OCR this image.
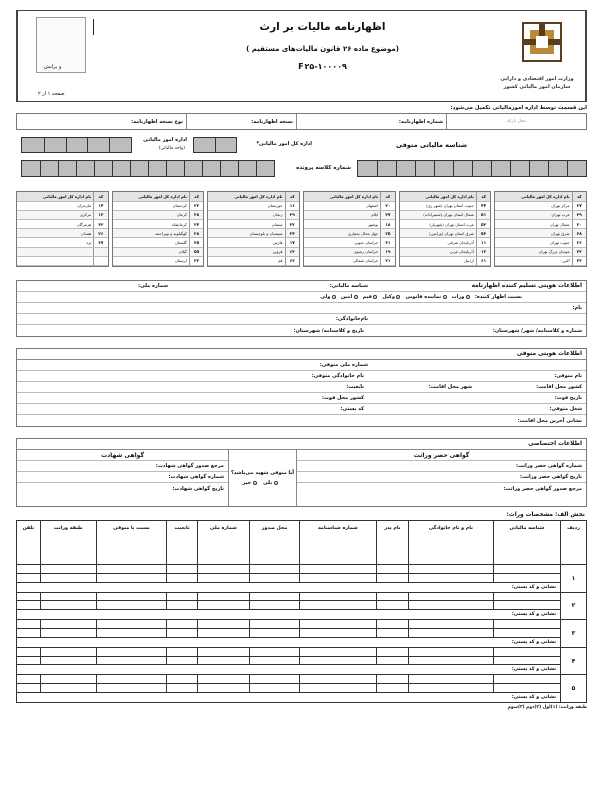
وزارت امور اقتصادی و دارایی
سازمان امور مالیاتی کشور
اظهارنامه مالیات بر ارث
(موضوع ماده ۲۶ قانون مالیات‌های مستقیم )
F۲۵-۱۰۰۰۰۹
و یرایش
صفحه ۱ از ۲
این قسمت توسط اداره امورمالیاتی تکمیل می‌شود:
محل بارکد
شماره اظهارنامه:
نسخه اظهارنامه:
نوع نسخه اظهارنامه:
شناسه مالیاتی متوفی
اداره کل امور مالیاتی*
اداره امور مالیاتی
(واحد مالیاتی)
شماره کلاسه پرونده
کد	نام اداره کل امور مالیاتی
۱۴	مازندران
۱۳	مرکزی
۳۳	هرمزگان
۲۶	همدان
۳۷	یزد

کد	نام اداره کل امور مالیاتی
۲۲	کردستان
۳۸	کرمان
۳۴	کرمانشاه
۲۸	کهگیلویه و بویراحمد
۳۵	گلستان
۵۵	گیلان
۲۳	لرستان
کد	نام اداره کل امور مالیاتی
۱۶	خوزستان
۲۹	زنجان
۲۲	سمنان
۲۴	سیستان و بلوچستان
۱۷	فارس
۶۳	قزوین
۶۲	قم
کد	نام اداره کل امور مالیاتی
۲۰	اصفهان
۲۷	ایلام
۱۸	بوشهر
۲۵	چهار محال بختیاری
۳۱	خراسان جنوبی
۱۹	خراسان رضوی
۲۱	خراسان شمالی
کد	نام اداره کل امور مالیاتی
۴۴	جنوب استان تهران (شهر ری)
۵۱	شمال استان تهران (شمیرانات)
۵۲	غرب استان تهران (شهریار)
۵۳	شرق استان تهران (ورامین)
۱۱	آذربایجان شرقی
۱۲	آذربایجان غربی
۶۱	اردبیل
کد	نام اداره کل امور مالیاتی
۳۷	مرکز تهران
۳۹	غرب تهران
۳۰	شمال تهران
۳۸	شرق تهران
۲۶	جنوب تهران
۳۲	مودیان بزرگ تهران
۲۳	البرز
اطلاعات هویتی تسلیم کننده اظهارنامه
شناسه مالیاتی:
شماره ملی:
نسبت اظهار کننده:
وراث
نماینده قانونی
وکیل
قیم
امین
ولی
نام:
نام‌خانوادگی:
شماره و کلاسنامه/ شهر/ شهرستان:
تاریخ و کلاسنامه/ شهرستان:
اطلاعات هویتی متوفی
شماره ملی متوفی:
نام متوفی:
نام خانوادگی متوفی:
کشور محل اقامت:
شهر محل اقامت:
تابعیت:
تاریخ فوت:
کشور محل فوت:
شغل متوفی:
کد پستی:
نشانی آخرین محل اقامت:
اطلاعات اختصاصی
گواهی حصر وراثت
شماره گواهی حصر وراثت:
تاریخ گواهی حصر وراثت:
مرجع صدور گواهی حصر وراثت:
آیا متوفی شهید می‌باشد؟
بلی

خیر
گواهی شهادت
مرجع صدور گواهی شهادت:
شماره گواهی شهادت:
تاریخ گواهی شهادت:
بخش الف: مشخصات وراث:
ردیف	شناسه مالیاتی	نام و نام خانوادگی	نام پدر	شماره شناسنامه	محل صدور	شماره ملی	تابعیت	نسبت با متوفی	طبقه وراثت	تلفن
۱										

	نشانی و کد پستی:									
۲										

	نشانی و کد پستی:									
۳										

	نشانی و کد پستی:									
۴										

	نشانی و کد پستی:									
۵										

	نشانی و کد پستی:									
طبقه وراثت: (۱)اول (۲)دوم (۳)سوم
